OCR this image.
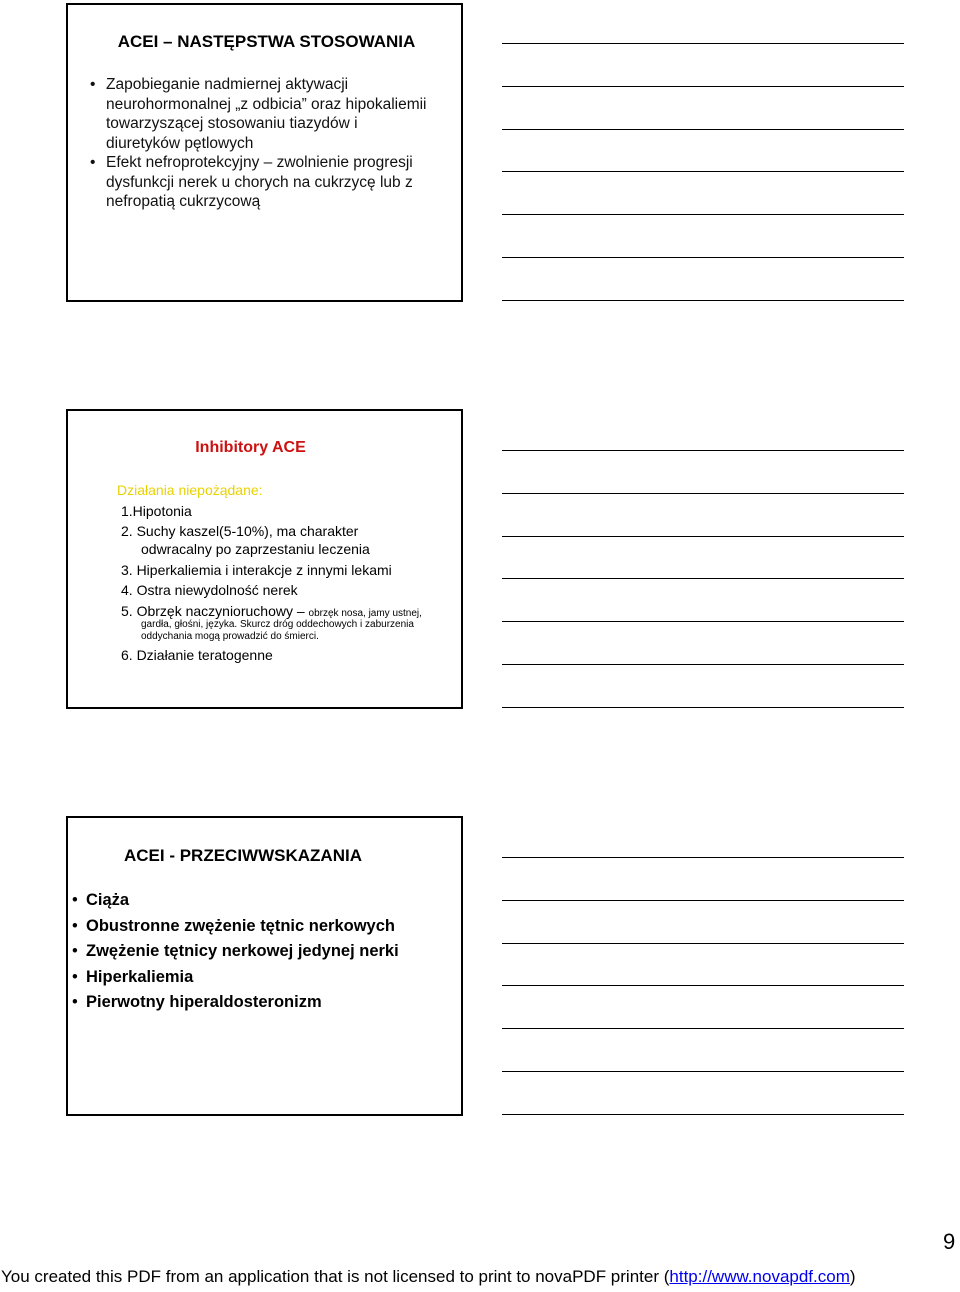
ACEI – NASTĘPSTWA STOSOWANIA
• Zapobieganie nadmiernej aktywacji neurohormonalnej „z odbicia” oraz hipokaliemii towarzyszącej stosowaniu tiazydów i diuretyków pętlowych
• Efekt nefroprotekcyjny – zwolnienie progresji dysfunkcji nerek u chorych na cukrzycę lub z nefropatią cukrzycową
Inhibitory ACE
Działania niepożądane:
1.Hipotonia
2. Suchy kaszel(5-10%), ma charakter
odwracalny po zaprzestaniu leczenia
3. Hiperkaliemia i interakcje z innymi lekami
4. Ostra niewydolność nerek
5. Obrzęk naczynioruchowy – obrzęk nosa, jamy ustnej,
gardła, głośni, języka. Skurcz dróg oddechowych i zaburzenia
oddychania mogą prowadzić do śmierci.
6. Działanie teratogenne
ACEI - PRZECIWWSKAZANIA
• Ciąża
• Obustronne zwężenie tętnic nerkowych
• Zwężenie tętnicy nerkowej jedynej nerki
• Hiperkaliemia
• Pierwotny hiperaldosteronizm
9
You created this PDF from an application that is not licensed to print to novaPDF printer (http://www.novapdf.com)
